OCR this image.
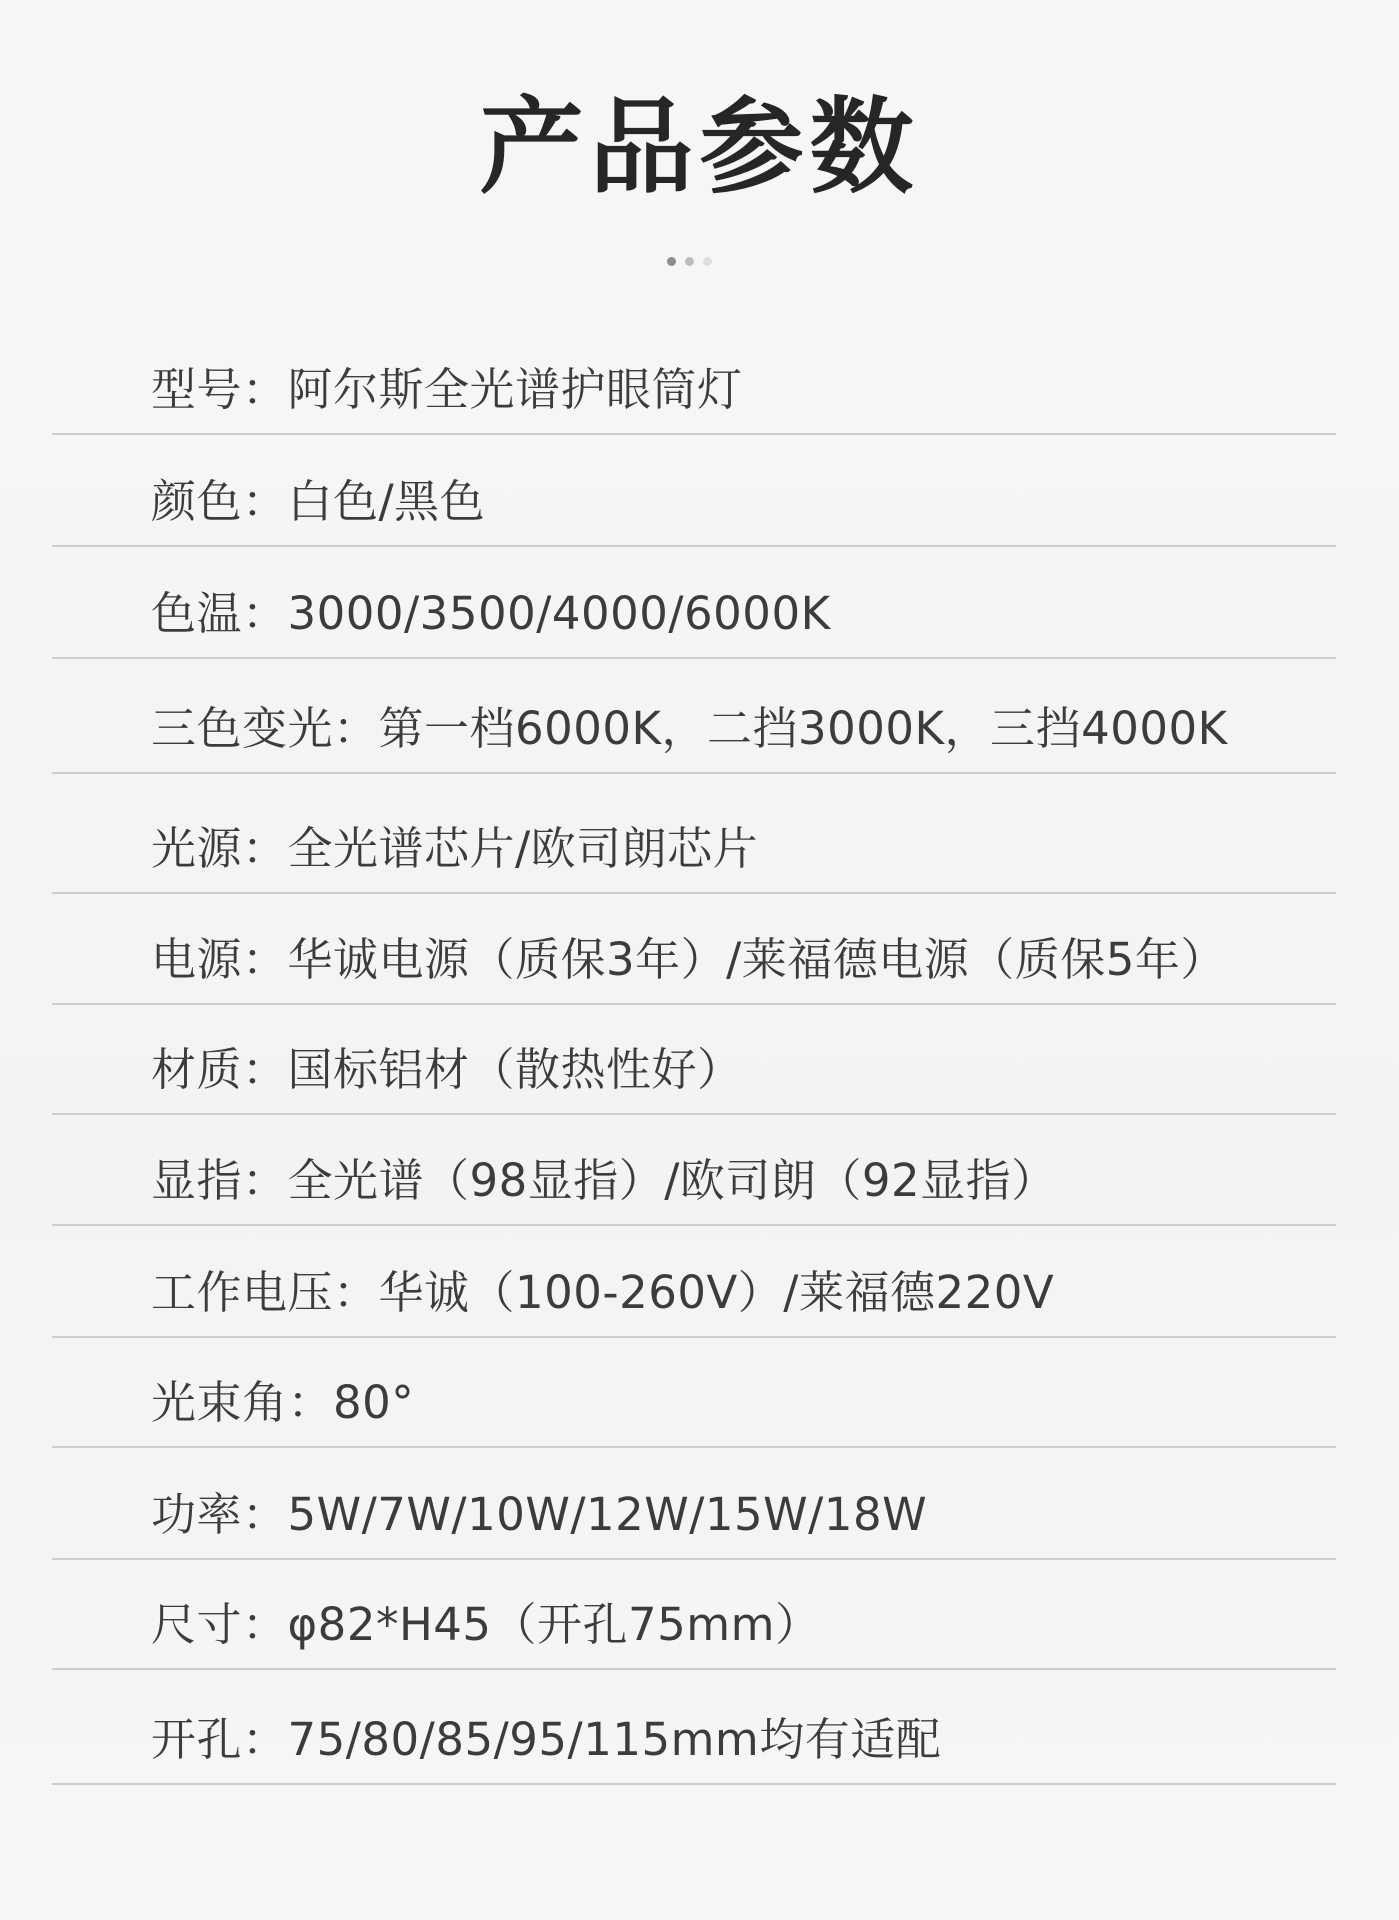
产品参数
型号：阿尔斯全光谱护眼筒灯
颜色：白色/黑色
色温：3000/3500/4000/6000K
三色变光：第一档6000K，二挡3000K，三挡4000K
光源：全光谱芯片/欧司朗芯片
电源：华诚电源（质保3年）/莱福德电源（质保5年）
材质：国标铝材（散热性好）
显指：全光谱（98显指）/欧司朗（92显指）
工作电压：华诚（100-260V）/莱福德220V
光束角：80°
功率：5W/7W/10W/12W/15W/18W
尺寸：φ82*H45（开孔75mm）
开孔：75/80/85/95/115mm均有适配
